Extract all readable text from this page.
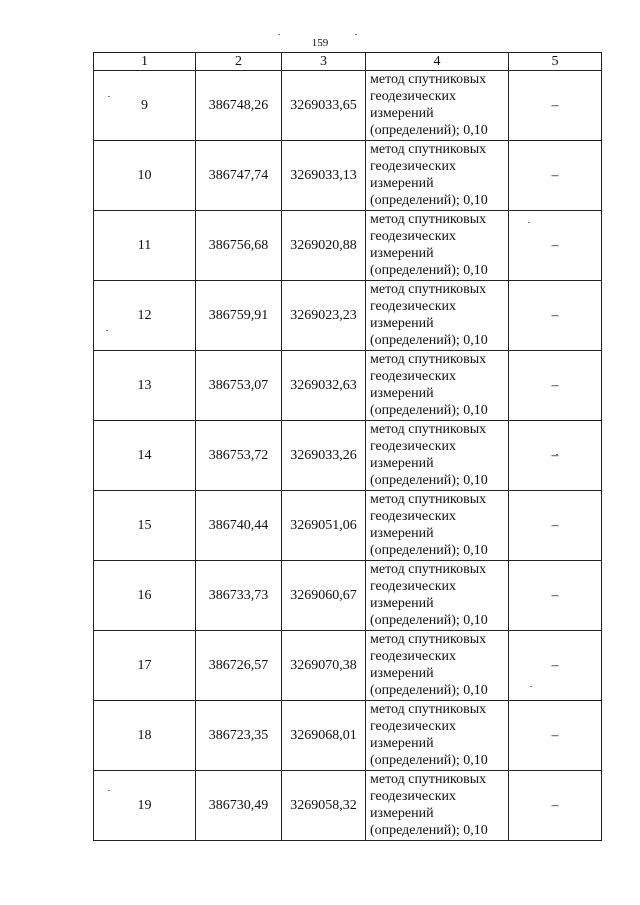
159
1	2	3	4	5
9	386748,26	3269033,65	метод спутниковых
геодезических
измерений
(определений); 0,10	–
10	386747,74	3269033,13	метод спутниковых
геодезических
измерений
(определений); 0,10	–
11	386756,68	3269020,88	метод спутниковых
геодезических
измерений
(определений); 0,10	–
12	386759,91	3269023,23	метод спутниковых
геодезических
измерений
(определений); 0,10	–
13	386753,07	3269032,63	метод спутниковых
геодезических
измерений
(определений); 0,10	–
14	386753,72	3269033,26	метод спутниковых
геодезических
измерений
(определений); 0,10	–
15	386740,44	3269051,06	метод спутниковых
геодезических
измерений
(определений); 0,10	–
16	386733,73	3269060,67	метод спутниковых
геодезических
измерений
(определений); 0,10	–
17	386726,57	3269070,38	метод спутниковых
геодезических
измерений
(определений); 0,10	–
18	386723,35	3269068,01	метод спутниковых
геодезических
измерений
(определений); 0,10	–
19	386730,49	3269058,32	метод спутниковых
геодезических
измерений
(определений); 0,10	–
